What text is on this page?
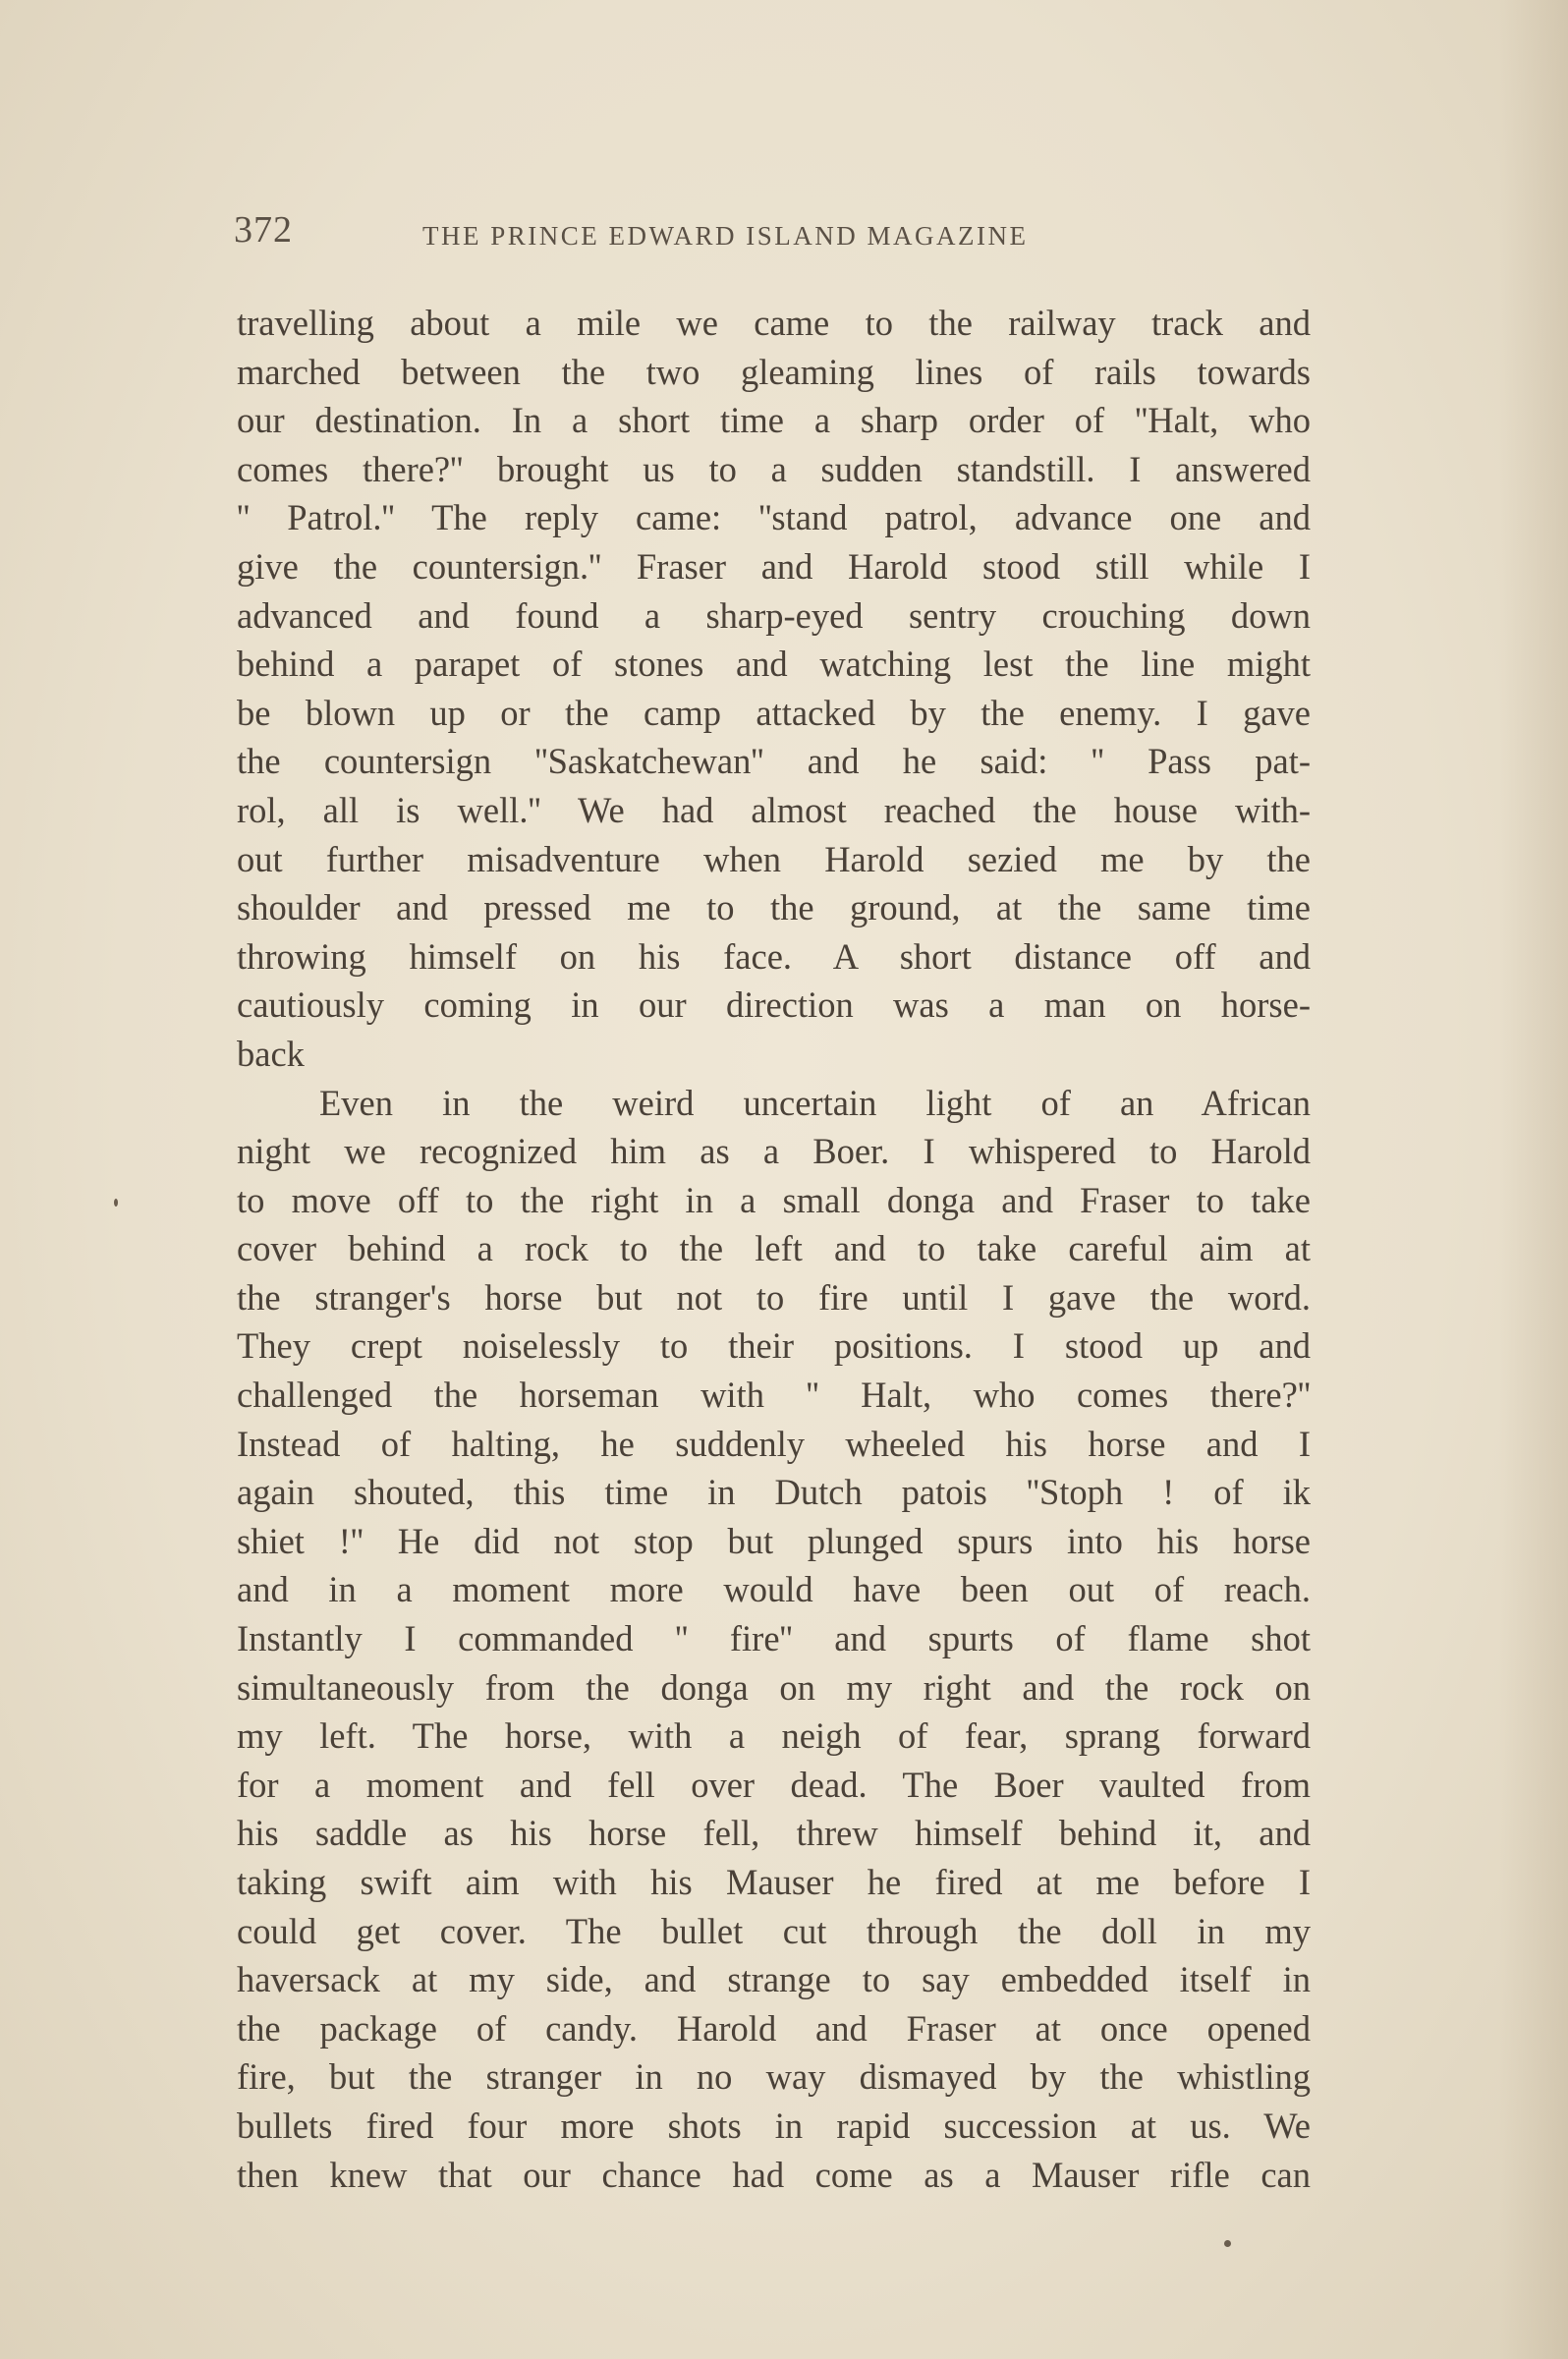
372	THE PRINCE EDWARD ISLAND MAGAZINE
travelling about a mile we came to the railway track and
marched between the two gleaming lines of rails towards
our destination. In a short time a sharp order of ''Halt, who
comes there?'' brought us to a sudden standstill. I answered
'' Patrol.'' The reply came: ''stand patrol, advance one and
give the countersign.'' Fraser and Harold stood still while I
advanced and found a sharp-eyed sentry crouching down
behind a parapet of stones and watching lest the line might
be blown up or the camp attacked by the enemy. I gave
the countersign ''Saskatchewan'' and he said: '' Pass pat-
rol, all is well.'' We had almost reached the house with-
out further misadventure when Harold sezied me by the
shoulder and pressed me to the ground, at the same time
throwing himself on his face. A short distance off and
cautiously coming in our direction was a man on horse-
back
Even in the weird uncertain light of an African
night we recognized him as a Boer. I whispered to Harold
to move off to the right in a small donga and Fraser to take
cover behind a rock to the left and to take careful aim at
the stranger's horse but not to fire until I gave the word.
They crept noiselessly to their positions. I stood up and
challenged the horseman with '' Halt, who comes there?''
Instead of halting, he suddenly wheeled his horse and I
again shouted, this time in Dutch patois ''Stoph ! of ik
shiet !'' He did not stop but plunged spurs into his horse
and in a moment more would have been out of reach.
Instantly I commanded '' fire'' and spurts of flame shot
simultaneously from the donga on my right and the rock on
my left. The horse, with a neigh of fear, sprang forward
for a moment and fell over dead. The Boer vaulted from
his saddle as his horse fell, threw himself behind it, and
taking swift aim with his Mauser he fired at me before I
could get cover. The bullet cut through the doll in my
haversack at my side, and strange to say embedded itself in
the package of candy. Harold and Fraser at once opened
fire, but the stranger in no way dismayed by the whistling
bullets fired four more shots in rapid succession at us. We
then knew that our chance had come as a Mauser rifle can
